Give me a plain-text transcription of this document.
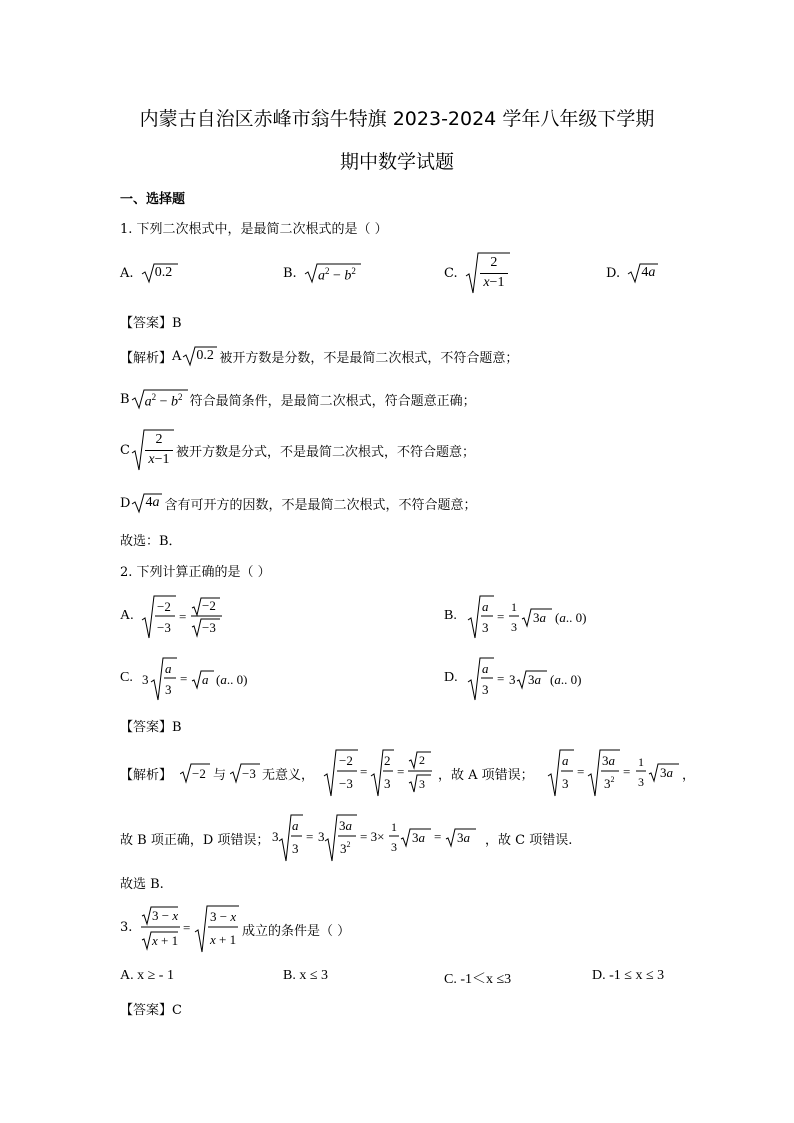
内蒙古自治区赤峰市翁牛特旗 2023-2024 学年八年级下学期
期中数学试题
一、选择题
1. 下列二次根式中，是最简二次根式的是（ ）
A.
0.2	B.
$a^2 - b^2$	C.

2
x−1
D.
4a
【答案】B
【解析】 A 0.2 被开方数是分数，不是最简二次根式，不符合题意；
B $a^2 - b^2$ 符合最简条件，是最简二次根式，符合题意正确；
C
2
x−1 被开方数是分式，不是最简二次根式，不符合题意；
D 4a 含有可开方的因数，不是最简二次根式，不符合题意；
故选：B．
2. 下列计算正确的是（ ）
A.
−2
−3
=
−2
−3
B.
a
3
=
1
3
3a (a.. 0)
C. 3
a
3
= a (a.. 0)	D.
a
3
= 3 3a (a.. 0)
【答案】B
【解析】 −2 与 −3 无意义，
−2
−3
=
2
3
=
2
3
，故 A 项错误；
a
3
=
3a
$3^2$
=
1
3
3a ，
故 B 项正确，D 项错误； 3
a
3
= 3
3a
$3^2$
= 3×
1
3
3a = 3a ，故 C 项错误.
故选 B.
3.
3 − x
x + 1
=
3 − x
x + 1
成立的条件是（ ）
A. x ≥ - 1	B. x ≤ 3	C. -1＜x ≤3	D. -1 ≤ x ≤ 3
【答案】C
